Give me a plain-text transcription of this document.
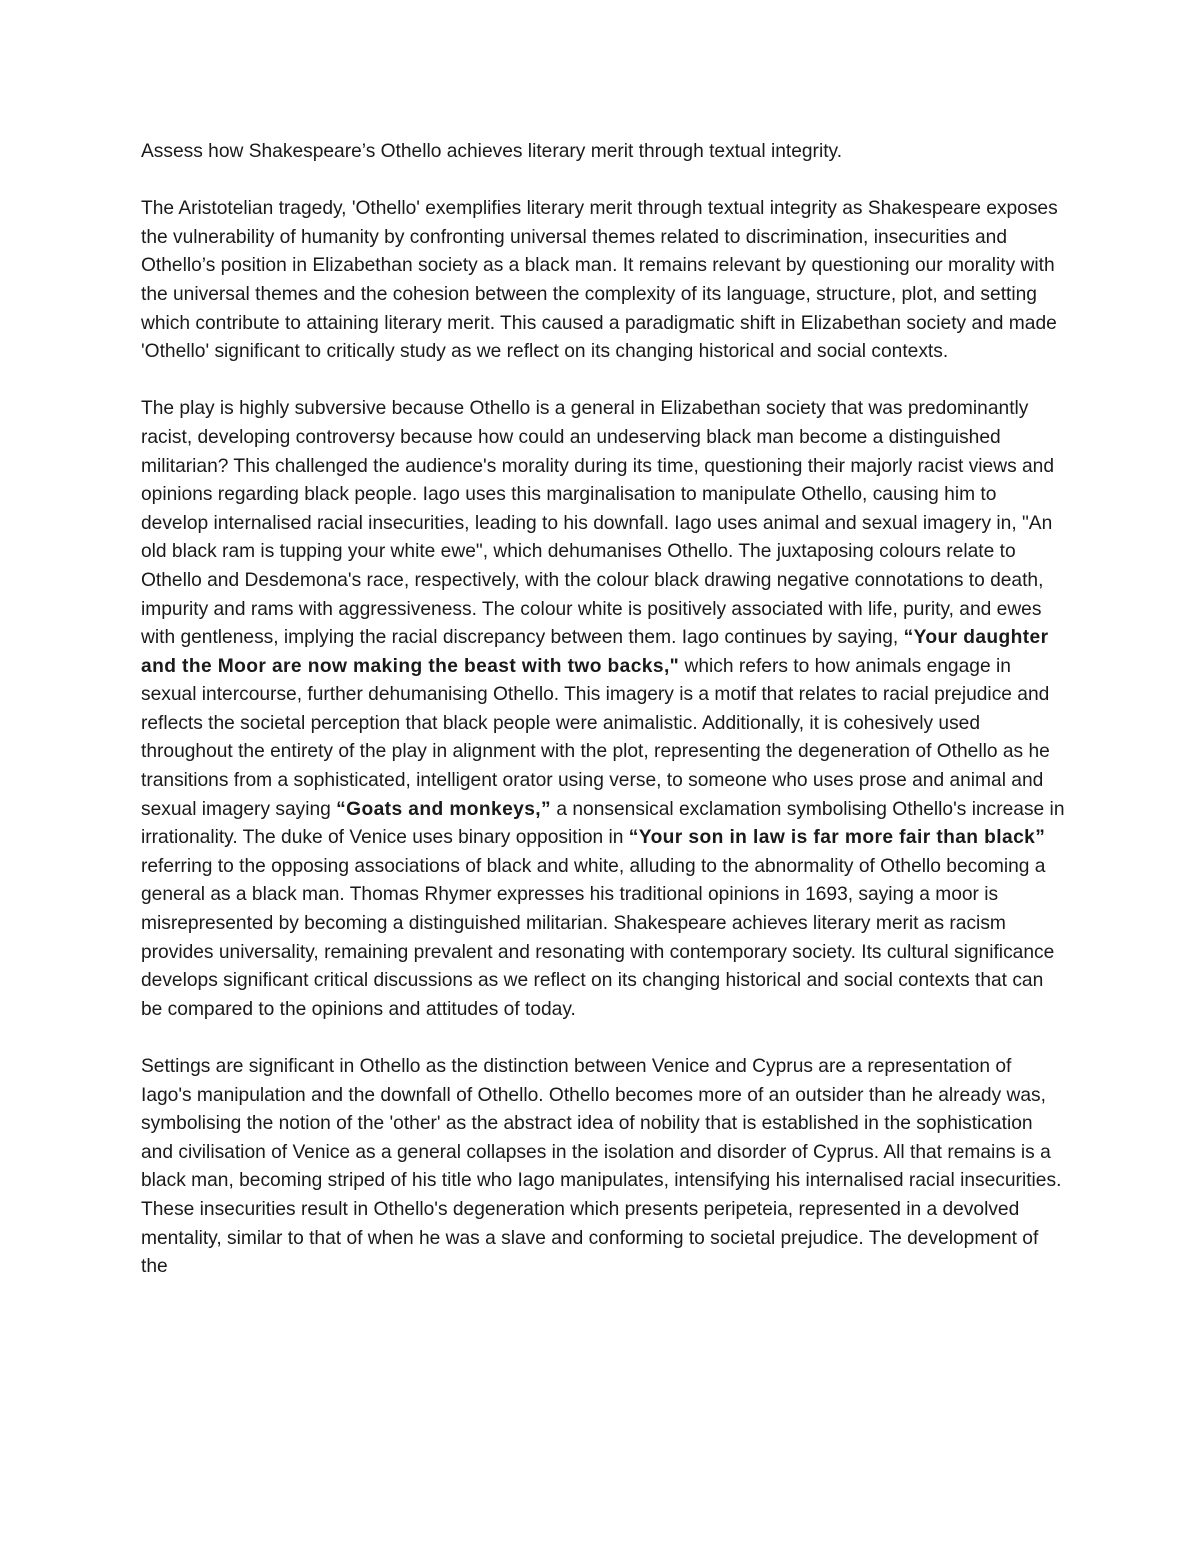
Assess how Shakespeare’s Othello achieves literary merit through textual integrity.

The Aristotelian tragedy, 'Othello' exemplifies literary merit through textual integrity as Shakespeare exposes the vulnerability of humanity by confronting universal themes related to discrimination, insecurities and Othello’s position in Elizabethan society as a black man. It remains relevant by questioning our morality with the universal themes and the cohesion between the complexity of its language, structure, plot, and setting which contribute to attaining literary merit. This caused a paradigmatic shift in Elizabethan society and made 'Othello' significant to critically study as we reflect on its changing historical and social contexts.

The play is highly subversive because Othello is a general in Elizabethan society that was predominantly racist, developing controversy because how could an undeserving black man become a distinguished militarian? This challenged the audience's morality during its time, questioning their majorly racist views and opinions regarding black people. Iago uses this marginalisation to manipulate Othello, causing him to develop internalised racial insecurities, leading to his downfall. Iago uses animal and sexual imagery in, "An old black ram is tupping your white ewe", which dehumanises Othello. The juxtaposing colours relate to Othello and Desdemona's race, respectively, with the colour black drawing negative connotations to death, impurity and rams with aggressiveness. The colour white is positively associated with life, purity, and ewes with gentleness, implying the racial discrepancy between them. Iago continues by saying, “Your daughter and the Moor are now making the beast with two backs," which refers to how animals engage in sexual intercourse, further dehumanising Othello. This imagery is a motif that relates to racial prejudice and reflects the societal perception that black people were animalistic. Additionally, it is cohesively used throughout the entirety of the play in alignment with the plot, representing the degeneration of Othello as he transitions from a sophisticated, intelligent orator using verse, to someone who uses prose and animal and sexual imagery saying “Goats and monkeys,” a nonsensical exclamation symbolising Othello's increase in irrationality. The duke of Venice uses binary opposition in “Your son in law is far more fair than black” referring to the opposing associations of black and white, alluding to the abnormality of Othello becoming a general as a black man. Thomas Rhymer expresses his traditional opinions in 1693, saying a moor is misrepresented by becoming a distinguished militarian. Shakespeare achieves literary merit as racism provides universality, remaining prevalent and resonating with contemporary society. Its cultural significance develops significant critical discussions as we reflect on its changing historical and social contexts that can be compared to the opinions and attitudes of today.

Settings are significant in Othello as the distinction between Venice and Cyprus are a representation of Iago's manipulation and the downfall of Othello. Othello becomes more of an outsider than he already was, symbolising the notion of the 'other' as the abstract idea of nobility that is established in the sophistication and civilisation of Venice as a general collapses in the isolation and disorder of Cyprus. All that remains is a black man, becoming striped of his title who Iago manipulates, intensifying his internalised racial insecurities. These insecurities result in Othello's degeneration which presents peripeteia, represented in a devolved mentality, similar to that of when he was a slave and conforming to societal prejudice. The development of the
